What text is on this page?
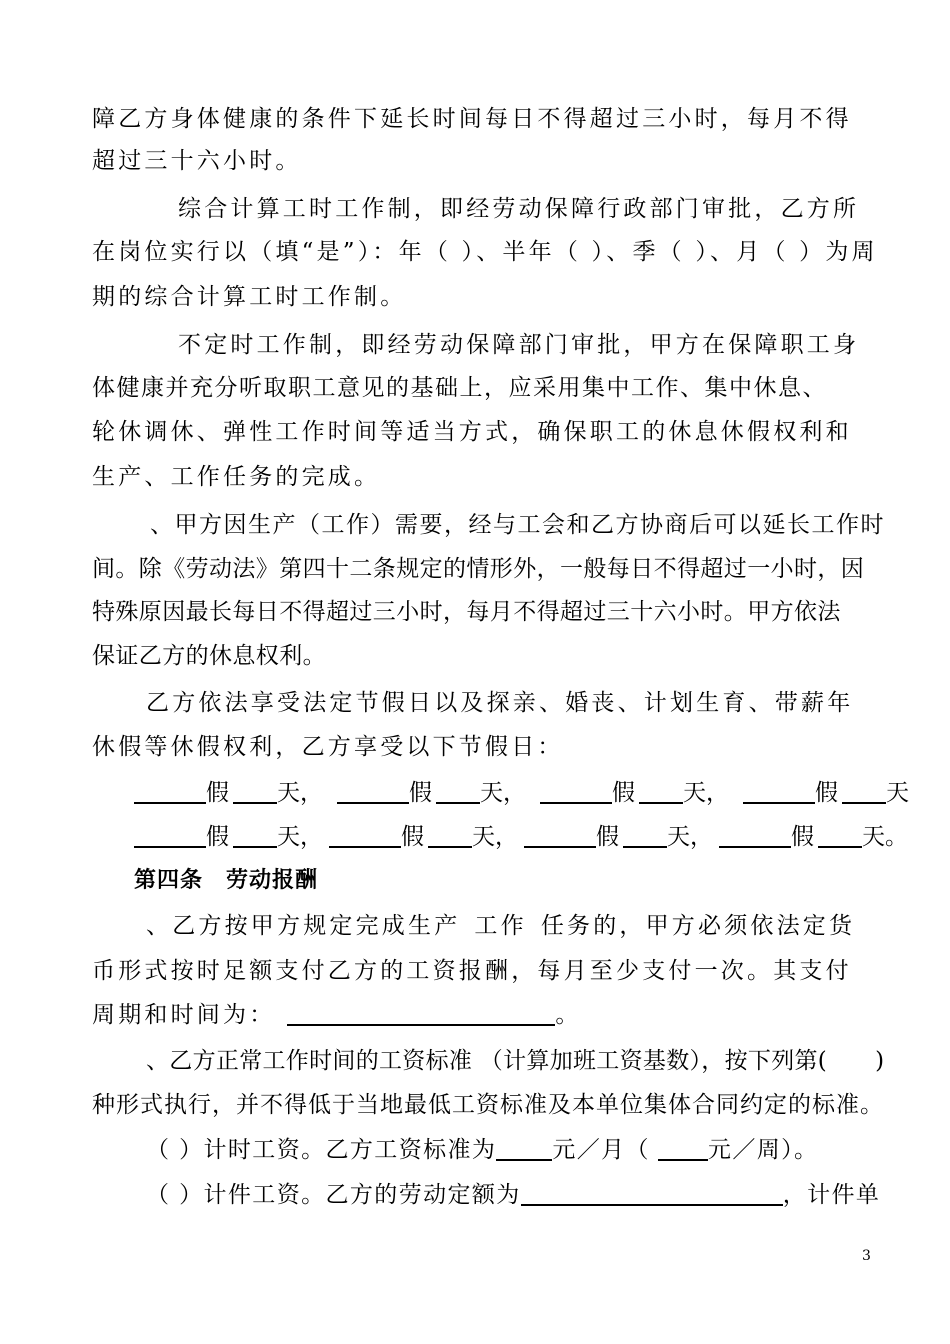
障乙方身体健康的条件下延长时间每日不得超过三小时，每月不得
超过三十六小时。
综合计算工时工作制，即经劳动保障行政部门审批，乙方所
在岗位实行以（填“是”）：年（ ）、半年（ ）、季（ ）、月（ ）为周
期的综合计算工时工作制。
不定时工作制，即经劳动保障部门审批，甲方在保障职工身
体健康并充分听取职工意见的基础上，应采用集中工作、集中休息、
轮休调休、弹性工作时间等适当方式，确保职工的休息休假权利和
生产、工作任务的完成。
、甲方因生产（工作）需要，经与工会和乙方协商后可以延长工作时
间。除《劳动法》第四十二条规定的情形外，一般每日不得超过一小时，因
特殊原因最长每日不得超过三小时，每月不得超过三十六小时。甲方依法
保证乙方的休息权利。
乙方依法享受法定节假日以及探亲、婚丧、计划生育、带薪年
休假等休假权利，乙方享受以下节假日：
假 天，	假 天，	假 天，	假 天
假 天，	假 天，	假 天，	假 天。
第四条　劳动报酬
、乙方按甲方规定完成生产 工作 任务的，甲方必须依法定货
币形式按时足额支付乙方的工资报酬，每月至少支付一次。其支付
周期和时间为：	。
、乙方正常工作时间的工资标准 （计算加班工资基数），按下列第( )
种形式执行，并不得低于当地最低工资标准及本单位集体合同约定的标准。
（ ）计时工资。乙方工资标准为 元／月（	元／周）。
（ ）计件工资。乙方的劳动定额为	，计件单
3
